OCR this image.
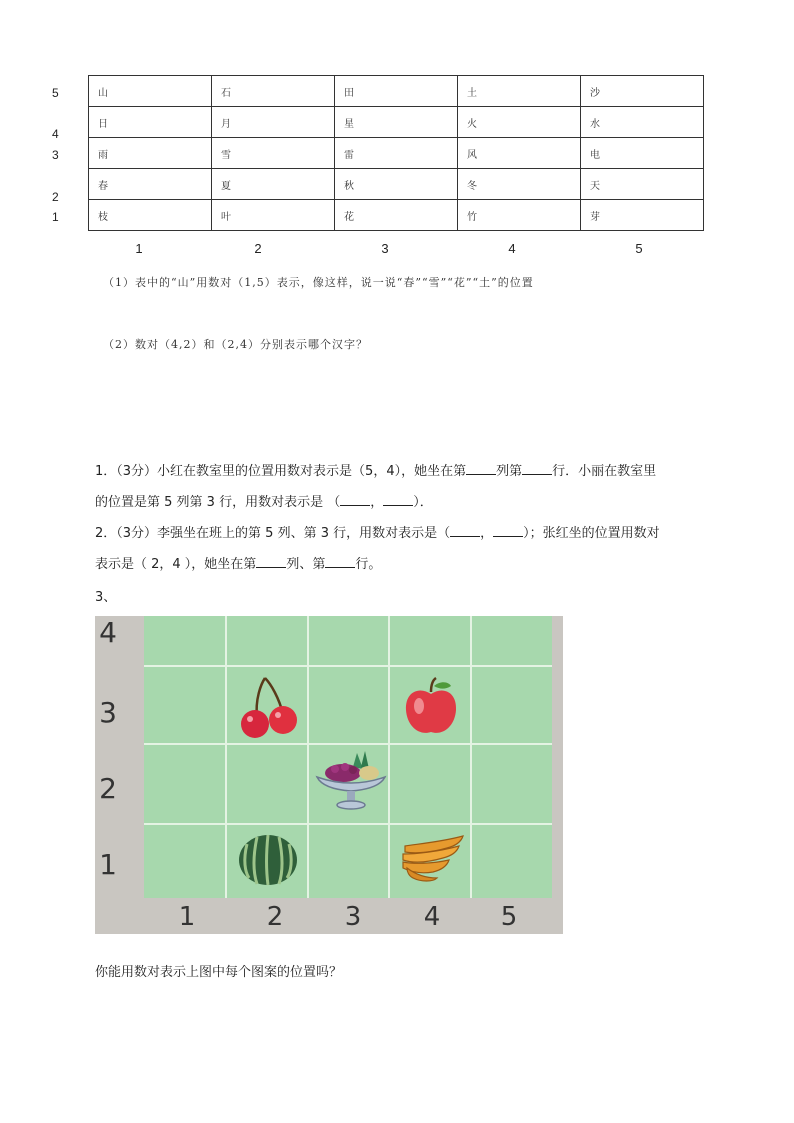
5
4
3
2
1
山	石	田	土	沙
日	月	星	火	水
雨	雪	雷	风	电
春	夏	秋	冬	天
枝	叶	花	竹	芽
1	2	3	4	5
（1）表中的“山”用数对（1,5）表示，像这样，说一说“春”“雪”“花”“土”的位置
（2）数对（4,2）和（2,4）分别表示哪个汉字？
1．（3分）小红在教室里的位置用数对表示是（5，4），她坐在第 列第 行．小丽在教室里
的位置是第 5 列第 3 行，用数对表示是 （ ， ）．
2．（3分）李强坐在班上的第 5 列、第 3 行，用数对表示是（ ， ）；张红坐的位置用数对
表示是（ 2，4 ），她坐在第 列、第 行。
3、
4
3
2
1
1	2 3 4 5
你能用数对表示上图中每个图案的位置吗？
